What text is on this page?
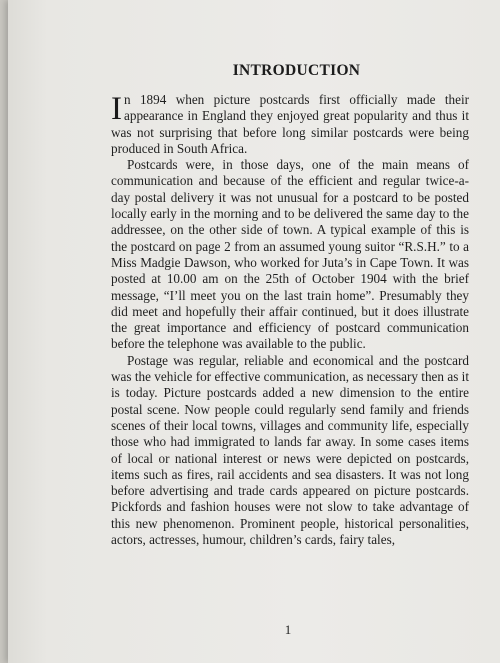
INTRODUCTION

In 1894 when picture postcards first officially made their appearance in England they enjoyed great popularity and thus it was not surprising that before long similar postcards were being produced in South Africa.

Postcards were, in those days, one of the main means of communication and because of the efficient and regular twice-a-day postal delivery it was not unusual for a postcard to be posted locally early in the morning and to be delivered the same day to the addressee, on the other side of town. A typical example of this is the postcard on page 2 from an assumed young suitor “R.S.H.” to a Miss Madgie Dawson, who worked for Juta’s in Cape Town. It was posted at 10.00 am on the 25th of October 1904 with the brief message, “I’ll meet you on the last train home”. Presumably they did meet and hopefully their affair continued, but it does illustrate the great importance and efficiency of postcard communication before the telephone was available to the public.

Postage was regular, reliable and economical and the postcard was the vehicle for effective communication, as necessary then as it is today. Picture postcards added a new dimension to the entire postal scene. Now people could regularly send family and friends scenes of their local towns, villages and community life, especially those who had immigrated to lands far away. In some cases items of local or national interest or news were depicted on postcards, items such as fires, rail accidents and sea disasters. It was not long before advertising and trade cards appeared on picture postcards. Pickfords and fashion houses were not slow to take advantage of this new phenomenon. Prominent people, historical personalities, actors, actresses, humour, children’s cards, fairy tales,

1
